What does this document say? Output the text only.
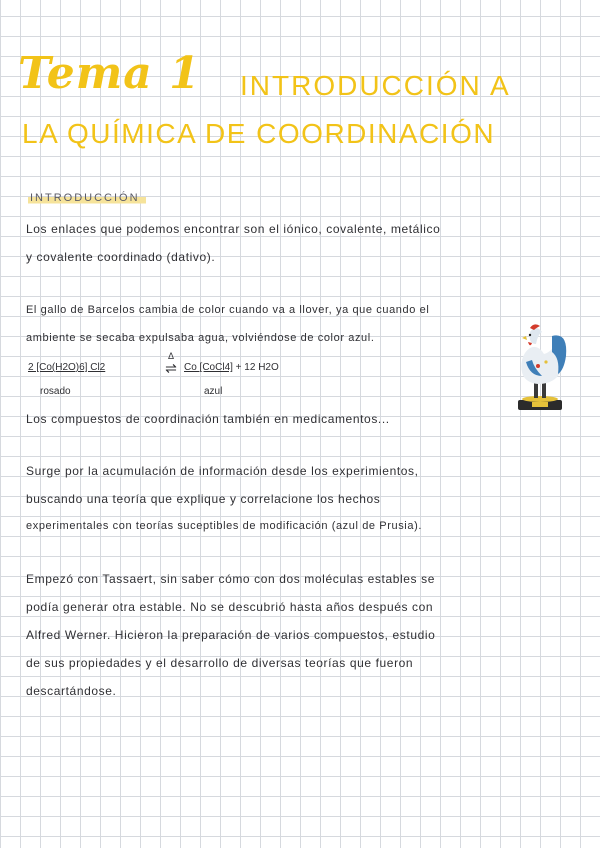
Tema 1 INTRODUCCIÓN A
LA QUÍMICA DE COORDINACIÓN
INTRODUCCIÓN
Los enlaces que podemos encontrar son el iónico, covalente, metálico
y covalente coordinado (dativo).
El gallo de Barcelos cambia de color cuando va a llover, ya que cuando el
ambiente se secaba expulsaba agua, volviéndose de color azul.
2 [Co(H2O)6] Cl2
Δ
⇌ Co [CoCl4] + 12 H2O
rosado	azul
Los compuestos de coordinación también en medicamentos...
Surge por la acumulación de información desde los experimientos,
buscando una teoría que explique y correlacione los hechos
experimentales con teorías suceptibles de modificación (azul de Prusia).
Empezó con Tassaert, sin saber cómo con dos moléculas estables se
podía generar otra estable. No se descubrió hasta años después con
Alfred Werner. Hicieron la preparación de varios compuestos, estudio
de sus propiedades y el desarrollo de diversas teorías que fueron
descartándose.
